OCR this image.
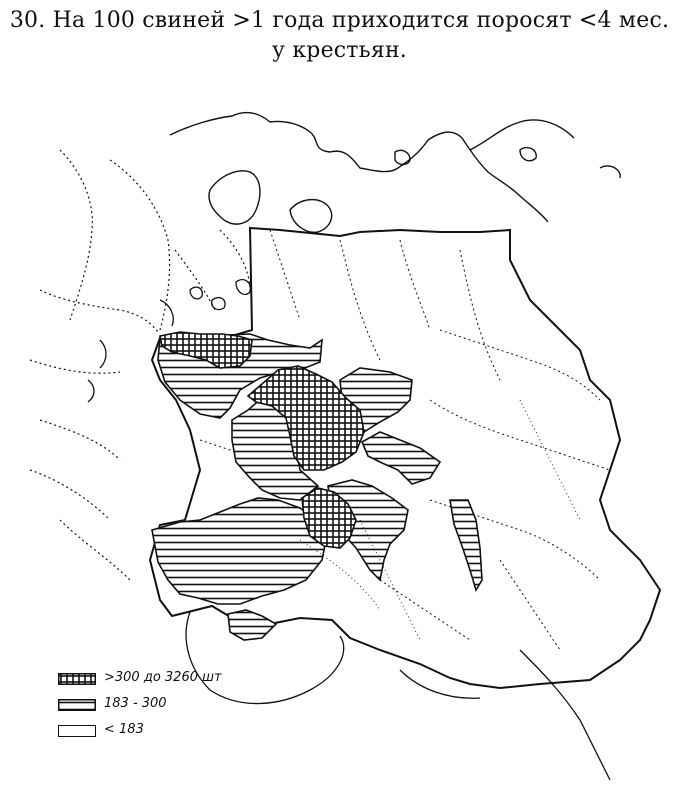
30. На 100 свиней >1 года приходится поросят <4 мес.
у крестьян.
>300 до 3260 шт
183 - 300
< 183
